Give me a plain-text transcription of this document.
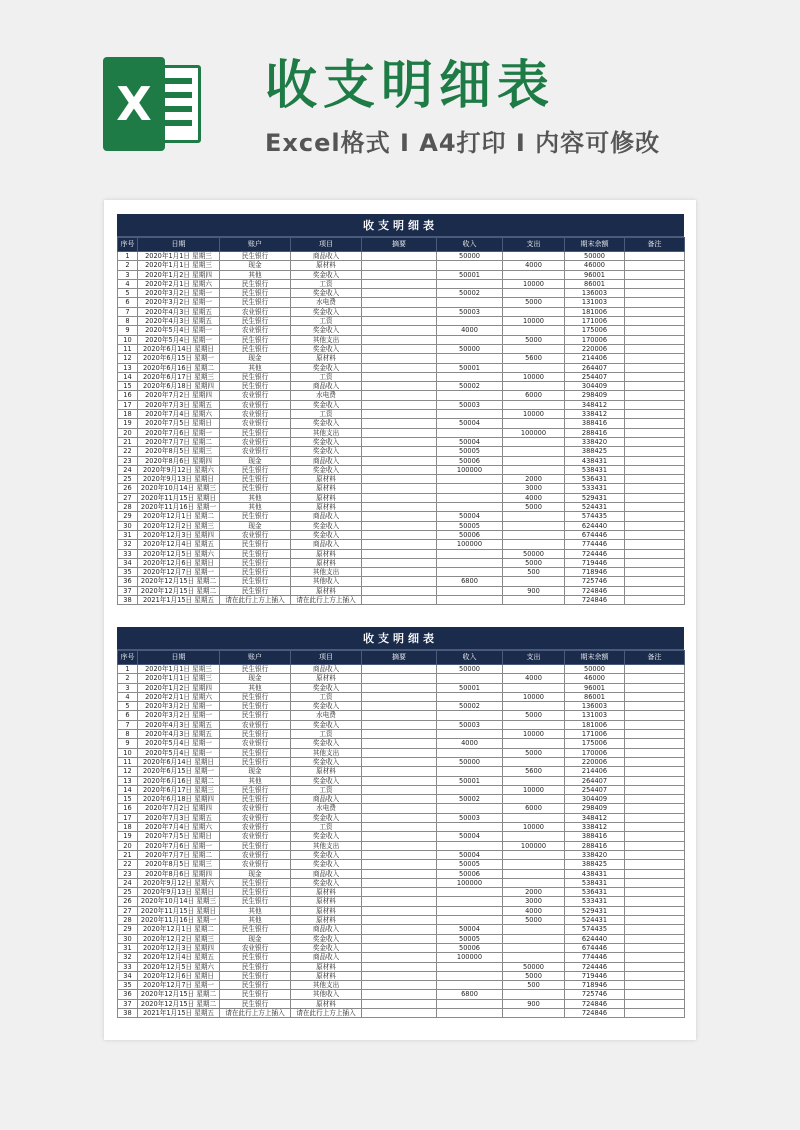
X 收支明细表
Excel格式 I A4打印 I 内容可修改
收支明细表
序号	日期	账户	项目	摘要	收入	支出	期末余额	备注
1	2020年1月1日 星期三	民生银行	商品收入		50000		50000	
2	2020年1月1日 星期三	现金	原材料			4000	46000	
3	2020年1月2日 星期四	其他	奖金收入		50001		96001	
4	2020年2月1日 星期六	民生银行	工资			10000	86001	
5	2020年3月2日 星期一	民生银行	奖金收入		50002		136003	
6	2020年3月2日 星期一	民生银行	水电费			5000	131003	
7	2020年4月3日 星期五	农业银行	奖金收入		50003		181006	
8	2020年4月3日 星期五	民生银行	工资			10000	171006	
9	2020年5月4日 星期一	农业银行	奖金收入		4000		175006	
10	2020年5月4日 星期一	民生银行	其他支出			5000	170006	
11	2020年6月14日 星期日	民生银行	奖金收入		50000		220006	
12	2020年6月15日 星期一	现金	原材料			5600	214406	
13	2020年6月16日 星期二	其他	奖金收入		50001		264407	
14	2020年6月17日 星期三	民生银行	工资			10000	254407	
15	2020年6月18日 星期四	民生银行	商品收入		50002		304409	
16	2020年7月2日 星期四	农业银行	水电费			6000	298409	
17	2020年7月3日 星期五	农业银行	奖金收入		50003		348412	
18	2020年7月4日 星期六	农业银行	工资			10000	338412	
19	2020年7月5日 星期日	农业银行	奖金收入		50004		388416	
20	2020年7月6日 星期一	民生银行	其他支出			100000	288416	
21	2020年7月7日 星期二	农业银行	奖金收入		50004		338420	
22	2020年8月5日 星期三	农业银行	奖金收入		50005		388425	
23	2020年8月6日 星期四	现金	商品收入		50006		438431	
24	2020年9月12日 星期六	民生银行	奖金收入		100000		538431	
25	2020年9月13日 星期日	民生银行	原材料			2000	536431	
26	2020年10月14日 星期三	民生银行	原材料			3000	533431	
27	2020年11月15日 星期日	其他	原材料			4000	529431	
28	2020年11月16日 星期一	其他	原材料			5000	524431	
29	2020年12月1日 星期二	民生银行	商品收入		50004		574435	
30	2020年12月2日 星期三	现金	奖金收入		50005		624440	
31	2020年12月3日 星期四	农业银行	奖金收入		50006		674446	
32	2020年12月4日 星期五	民生银行	商品收入		100000		774446	
33	2020年12月5日 星期六	民生银行	原材料			50000	724446	
34	2020年12月6日 星期日	民生银行	原材料			5000	719446	
35	2020年12月7日 星期一	民生银行	其他支出			500	718946	
36	2020年12月15日 星期二	民生银行	其他收入		6800		725746	
37	2020年12月15日 星期二	民生银行	原材料			900	724846	
38	2021年1月15日 星期五	请在此行上方上插入	请在此行上方上插入				724846	
收支明细表
序号	日期	账户	项目	摘要	收入	支出	期末余额	备注
1	2020年1月1日 星期三	民生银行	商品收入		50000		50000	
2	2020年1月1日 星期三	现金	原材料			4000	46000	
3	2020年1月2日 星期四	其他	奖金收入		50001		96001	
4	2020年2月1日 星期六	民生银行	工资			10000	86001	
5	2020年3月2日 星期一	民生银行	奖金收入		50002		136003	
6	2020年3月2日 星期一	民生银行	水电费			5000	131003	
7	2020年4月3日 星期五	农业银行	奖金收入		50003		181006	
8	2020年4月3日 星期五	民生银行	工资			10000	171006	
9	2020年5月4日 星期一	农业银行	奖金收入		4000		175006	
10	2020年5月4日 星期一	民生银行	其他支出			5000	170006	
11	2020年6月14日 星期日	民生银行	奖金收入		50000		220006	
12	2020年6月15日 星期一	现金	原材料			5600	214406	
13	2020年6月16日 星期二	其他	奖金收入		50001		264407	
14	2020年6月17日 星期三	民生银行	工资			10000	254407	
15	2020年6月18日 星期四	民生银行	商品收入		50002		304409	
16	2020年7月2日 星期四	农业银行	水电费			6000	298409	
17	2020年7月3日 星期五	农业银行	奖金收入		50003		348412	
18	2020年7月4日 星期六	农业银行	工资			10000	338412	
19	2020年7月5日 星期日	农业银行	奖金收入		50004		388416	
20	2020年7月6日 星期一	民生银行	其他支出			100000	288416	
21	2020年7月7日 星期二	农业银行	奖金收入		50004		338420	
22	2020年8月5日 星期三	农业银行	奖金收入		50005		388425	
23	2020年8月6日 星期四	现金	商品收入		50006		438431	
24	2020年9月12日 星期六	民生银行	奖金收入		100000		538431	
25	2020年9月13日 星期日	民生银行	原材料			2000	536431	
26	2020年10月14日 星期三	民生银行	原材料			3000	533431	
27	2020年11月15日 星期日	其他	原材料			4000	529431	
28	2020年11月16日 星期一	其他	原材料			5000	524431	
29	2020年12月1日 星期二	民生银行	商品收入		50004		574435	
30	2020年12月2日 星期三	现金	奖金收入		50005		624440	
31	2020年12月3日 星期四	农业银行	奖金收入		50006		674446	
32	2020年12月4日 星期五	民生银行	商品收入		100000		774446	
33	2020年12月5日 星期六	民生银行	原材料			50000	724446	
34	2020年12月6日 星期日	民生银行	原材料			5000	719446	
35	2020年12月7日 星期一	民生银行	其他支出			500	718946	
36	2020年12月15日 星期二	民生银行	其他收入		6800		725746	
37	2020年12月15日 星期二	民生银行	原材料			900	724846	
38	2021年1月15日 星期五	请在此行上方上插入	请在此行上方上插入				724846	
